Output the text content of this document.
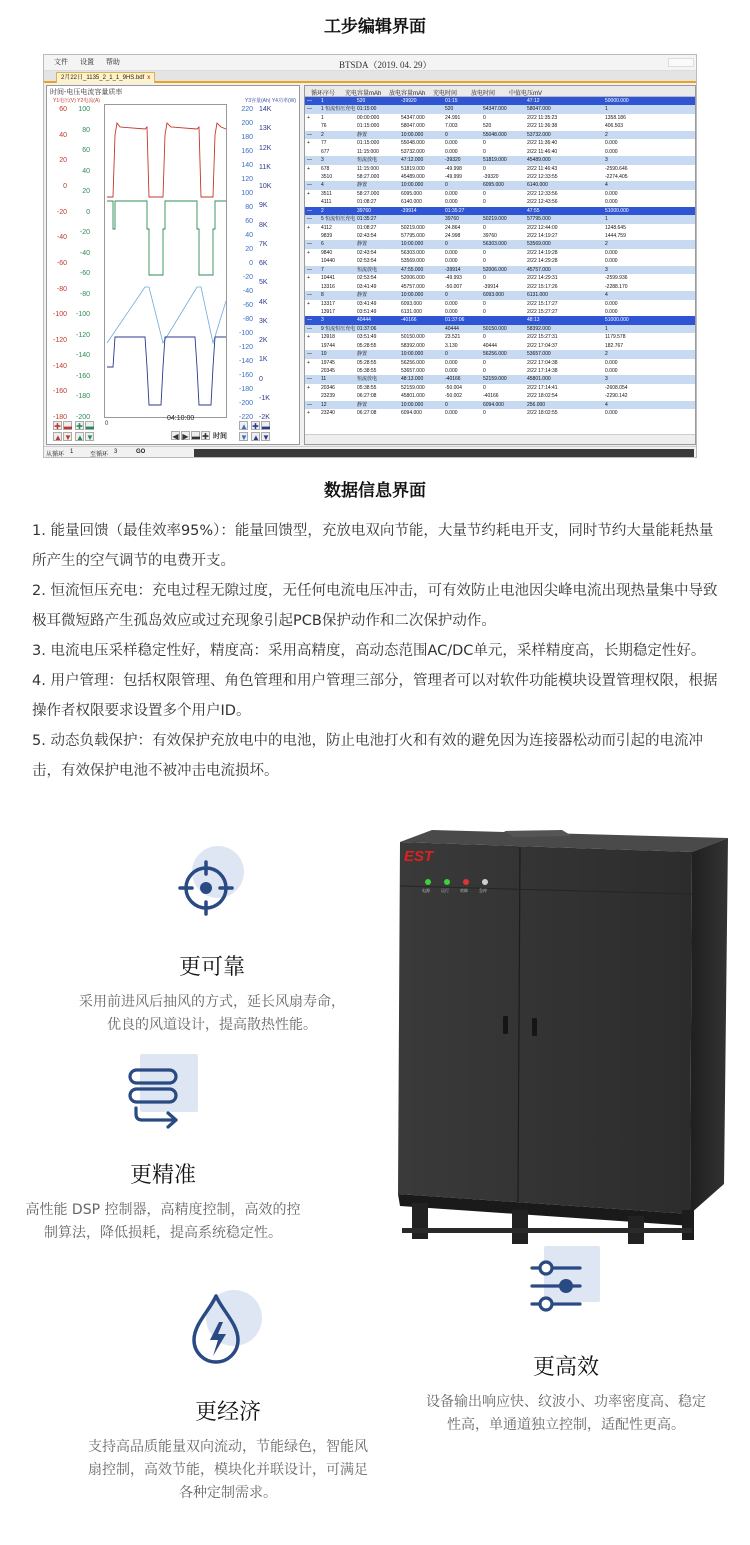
工步编辑界面
文件 设置 帮助	BTSDA（2019. 04. 29）
2月22日_1135_2_1_1_9HS.bdf x
时间-电压电流容量质率
Y1电压(V) Y2电流(A)	Y3容量(Ah) Y4功率(W)
60
40
20
0
-20
-40
-60
-80
-100
-120
-140
-160
-180
100
80
60
40
20
0
-20
-40
-60
-80
-100
-120
-140
-160
-180
-200
220
200
180
160
140
120
100
80
60
40
20
0
-20
-40
-60
-80
-100
-120
-140
-160
-180
-200
-220
14K
13K
12K
11K
10K
9K
8K
7K
6K
5K
4K
3K
2K
1K
0
-1K
-2K
✚ ▬
▲ ▼
✚ ▬
▲ ▼
0
04:10:00
◀ ▶ ▬ ✚ 时间
▲
▼
✚ ▬
▲ ▼
循环序号 充电容量mAh 放电容量mAh 充电时间 放电时间 中值电压mV
— 1	520	-39920	01:15	47:12	50000.000
— 1 恒流恒压充电 01:15:00	520	54347.000	58047.000	1
+ 1	00:00:000	54347.000	24.991	0	2/22 11:35:23	1358.186
76	01:15:000	58047.000	7.003	520	2/22 11:36:38	406.503
— 2	静置	10:00.000	0	55048.000	53732.000	2
+ 77	01:15:000	55048.000	0.000	0	2/22 11:36:40	0.000
677	11:15:000	53732.000	0.000	0	2/22 11:46:40	0.000
— 3	恒流放电	47:12.000	-39320	51819.000	45489.000	3
+ 678	11:15:000	51819.000	-49.998	0	2/22 11:46:43	-2590.646
3510	58:27.000	45489.000	-49.999	-39320	2/22 12:33:55	-2274.405
— 4	静置	10:00.000	0	6095.000	6140.000	4
+ 3511	58:27.000	6095.000	0.000	0	2/22 12:33:56	0.000
4111	01:08:27	6140.000	0.000	0	2/22 12:43:56	0.000
— 2	39760	-39914	01:35:27	47:55	51000.000
— 5 恒流恒压充电 01:35:27	39760	50219.000	57795.000	1
+ 4112	01:08:27	50219.000	24.864	0	2/22 12:44:00	1248.645
9839	02:43:54	57795.000	24.998	39760	2/22 14:19:27	1444.759
— 6	静置	10:00.000	0	56303.000	53569.000	2
+ 9840	02:43:54	56303.000	0.000	0	2/22 14:19:28	0.000
10440	02:53:54	53569.000	0.000	0	2/22 14:29:28	0.000
— 7	恒流放电	47:55.000	-39914	52006.000	45757.000	3
+ 10441	02:53:54	52006.000	-49.993	0	2/22 14:29:31	-2599.936
13316	03:41:49	45757.000	-50.007	-39914	2/22 15:17:26	-2288.170
— 8	静置	10:00.000	0	6093.000	6131.000	4
+ 13317	03:41:49	6093.000	0.000	0	2/22 15:17:27	0.000
13917	03:51:49	6131.000	0.000	0	2/22 15:27:27	0.000
— 3	40444	-40166	01:37:06	48:13	51000.000
— 9 恒流恒压充电 01:37:06	40444	50150.000	58392.000	1
+ 13918	03:51:49	50150.000	23.521	0	2/22 15:27:31	1179.578
19744	05:28:55	58392.000	3.130	40444	2/22 17:04:37	182.767
— 10	静置	10:00.000	0	56256.000	53657.000	2
+ 19745	05:28:55	56256.000	0.000	0	2/22 17:04:38	0.000
20345	05:38:55	53657.000	0.000	0	2/22 17:14:38	0.000
— 11	恒流放电	48:13.000	-40166	52159.000	45801.000	3
+ 20346	05:38:55	52159.000	-50.004	0	2/22 17:14:41	-2608.054
23239	06:27:08	45801.000	-50.002	-40166	2/22 18:02:54	-2290.142
— 12	静置	10:00.000	0	6094.000	256.000	4
+ 23240	06:27:08	6094.000	0.000	0	2/22 18:02:55	0.000
从循环 1	至循环 3	GO
数据信息界面

1. 能量回馈（最佳效率95%）：能量回馈型，充放电双向节能，大量节约耗电开支，同时节约大量能耗热量所产生的空气调节的电费开支。

2. 恒流恒压充电：充电过程无隙过度，无任何电流电压冲击，可有效防止电池因尖峰电流出现热量集中导致极耳微短路产生孤岛效应或过充现象引起PCB保护动作和二次保护动作。

3. 电流电压采样稳定性好，精度高：采用高精度，高动态范围AC/DC单元，采样精度高，长期稳定性好。

4. 用户管理：包括权限管理、角色管理和用户管理三部分，管理者可以对软件功能模块设置管理权限，根据操作者权限要求设置多个用户ID。

5. 动态负载保护：有效保护充放电中的电池，防止电池打火和有效的避免因为连接器松动而引起的电流冲击，有效保护电池不被冲击电流损坏。

更可靠
采用前进风后抽风的方式，延长风扇寿命，优良的风道设计，提高散热性能。
更精准
高性能 DSP 控制器，高精度控制，高效的控制算法，降低损耗，提高系统稳定性。
更经济
支持高品质能量双向流动，节能绿色，智能风扇控制，高效节能，模块化并联设计，可满足各种定制需求。
EST
电源	运行	故障	急停
更高效
设备输出响应快、纹波小、功率密度高、稳定性高，单通道独立控制，适配性更高。
